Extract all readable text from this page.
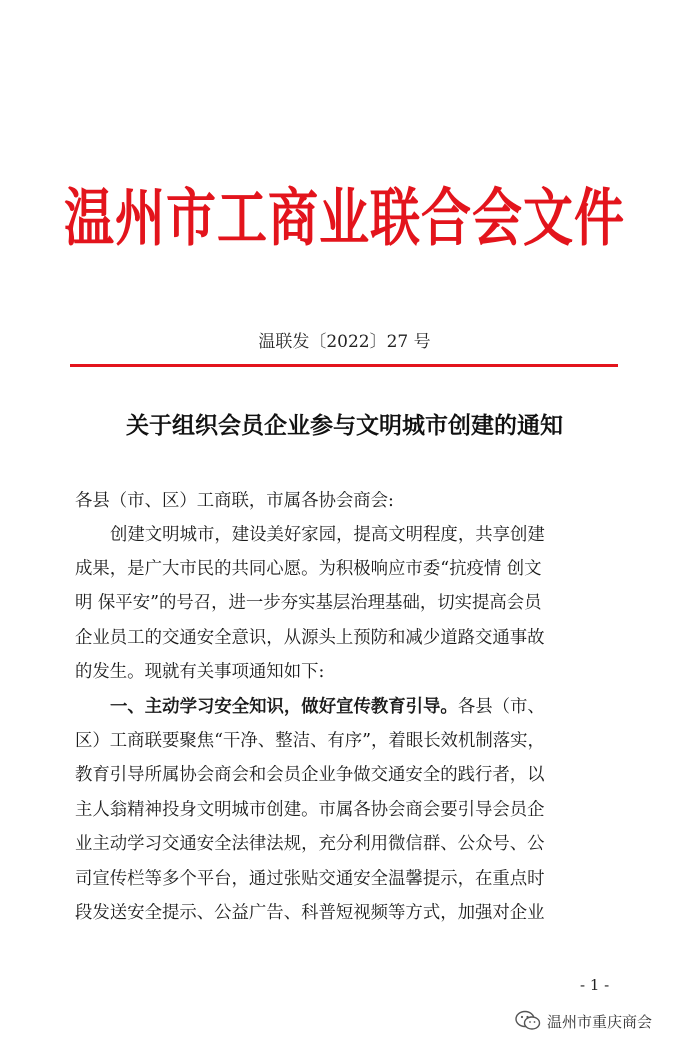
温州市工商业联合会文件
温联发〔2022〕27 号
关于组织会员企业参与文明城市创建的通知
各县（市、区）工商联，市属各协会商会:
创建文明城市，建设美好家园，提高文明程度，共享创建
成果，是广大市民的共同心愿。为积极响应市委“抗疫情 创文
明 保平安”的号召，进一步夯实基层治理基础，切实提高会员
企业员工的交通安全意识，从源头上预防和减少道路交通事故
的发生。现就有关事项通知如下:
一、主动学习安全知识，做好宣传教育引导。各县（市、
区）工商联要聚焦“干净、整洁、有序”，着眼长效机制落实，
教育引导所属协会商会和会员企业争做交通安全的践行者，以
主人翁精神投身文明城市创建。市属各协会商会要引导会员企
业主动学习交通安全法律法规，充分利用微信群、公众号、公
司宣传栏等多个平台，通过张贴交通安全温馨提示，在重点时
段发送安全提示、公益广告、科普短视频等方式，加强对企业
- 1 -
温州市重庆商会
